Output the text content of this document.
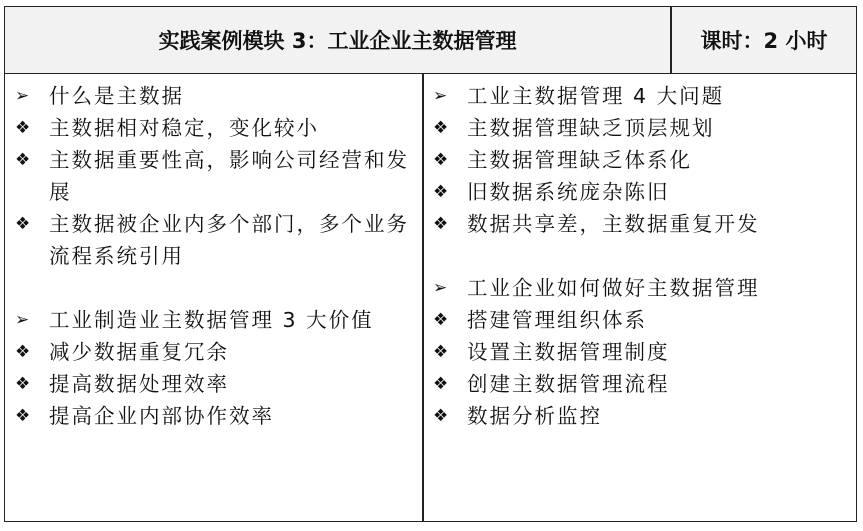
实践案例模块 3：工业企业主数据管理	课时：2 小时
➢ 什么是主数据
❖ 主数据相对稳定，变化较小
❖ 主数据重要性高，影响公司经营和发展
❖ 主数据被企业内多个部门，多个业务流程系统引用
➢ 工业制造业主数据管理 3 大价值
❖ 减少数据重复冗余
❖ 提高数据处理效率
❖ 提高企业内部协作效率
➢ 工业主数据管理 4 大问题
❖ 主数据管理缺乏顶层规划
❖ 主数据管理缺乏体系化
❖ 旧数据系统庞杂陈旧
❖ 数据共享差，主数据重复开发
➢ 工业企业如何做好主数据管理
❖ 搭建管理组织体系
❖ 设置主数据管理制度
❖ 创建主数据管理流程
❖ 数据分析监控
